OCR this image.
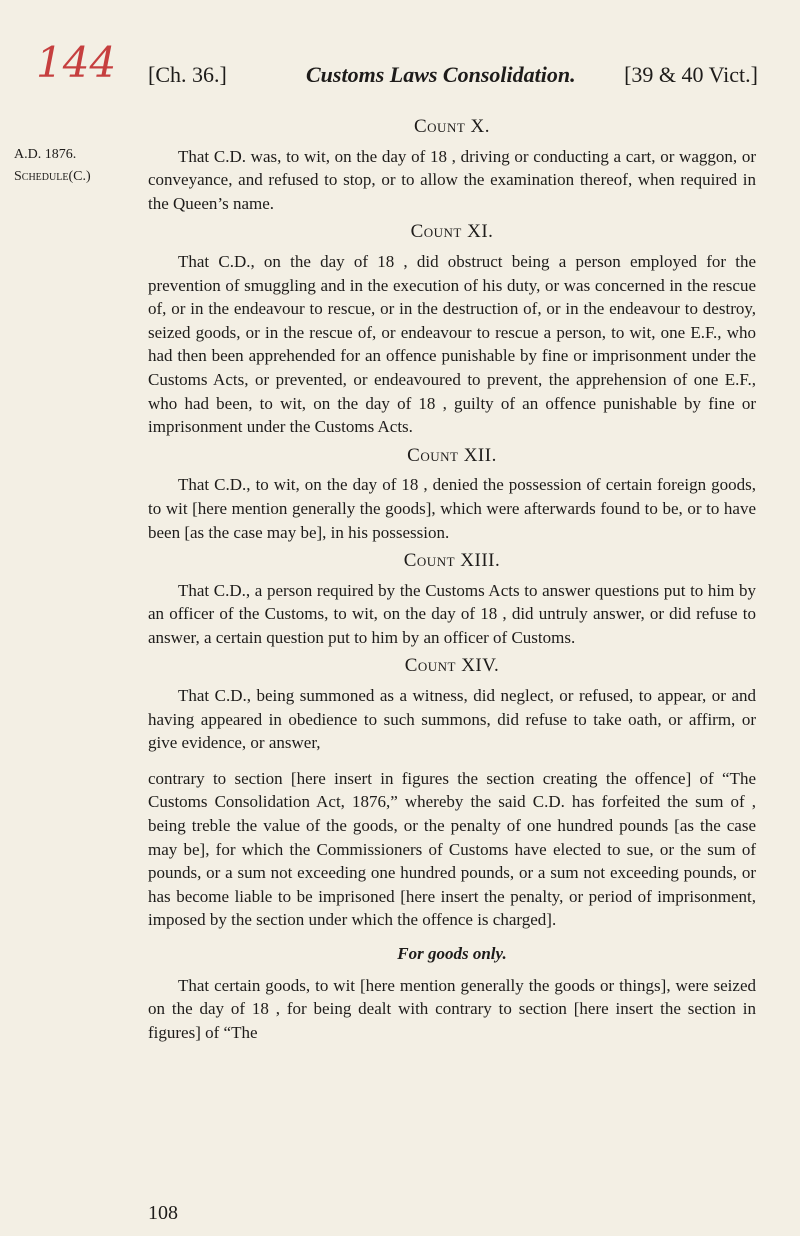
144 [Ch. 36.]	Customs Laws Consolidation. [39 & 40 Vict.]
A.D. 1876.
Schedule(C.)
Count X.

That C.D. was, to wit, on the day of 18 , driving or conducting a cart, or waggon, or conveyance, and refused to stop, or to allow the examination thereof, when required in the Queen’s name.

Count XI.

That C.D., on the day of 18 , did obstruct being a person employed for the prevention of smuggling and in the execution of his duty, or was concerned in the rescue of, or in the endeavour to rescue, or in the destruction of, or in the endeavour to destroy, seized goods, or in the rescue of, or endeavour to rescue a person, to wit, one E.F., who had then been apprehended for an offence punishable by fine or imprisonment under the Customs Acts, or prevented, or endeavoured to prevent, the apprehension of one E.F., who had been, to wit, on the day of 18 , guilty of an offence punishable by fine or imprisonment under the Customs Acts.

Count XII.

That C.D., to wit, on the day of 18 , denied the possession of certain foreign goods, to wit [here mention generally the goods], which were afterwards found to be, or to have been [as the case may be], in his possession.

Count XIII.

That C.D., a person required by the Customs Acts to answer questions put to him by an officer of the Customs, to wit, on the day of 18 , did untruly answer, or did refuse to answer, a certain question put to him by an officer of Customs.

Count XIV.

That C.D., being summoned as a witness, did neglect, or refused, to appear, or and having appeared in obedience to such summons, did refuse to take oath, or affirm, or give evidence, or answer,

contrary to section [here insert in figures the section creating the offence] of “The Customs Consolidation Act, 1876,” whereby the said C.D. has forfeited the sum of , being treble the value of the goods, or the penalty of one hundred pounds [as the case may be], for which the Commissioners of Customs have elected to sue, or the sum of pounds, or a sum not exceeding one hundred pounds, or a sum not exceeding pounds, or has become liable to be imprisoned [here insert the penalty, or period of imprisonment, imposed by the section under which the offence is charged].

For goods only.

That certain goods, to wit [here mention generally the goods or things], were seized on the day of 18 , for being dealt with contrary to section [here insert the section in figures] of “The

108
